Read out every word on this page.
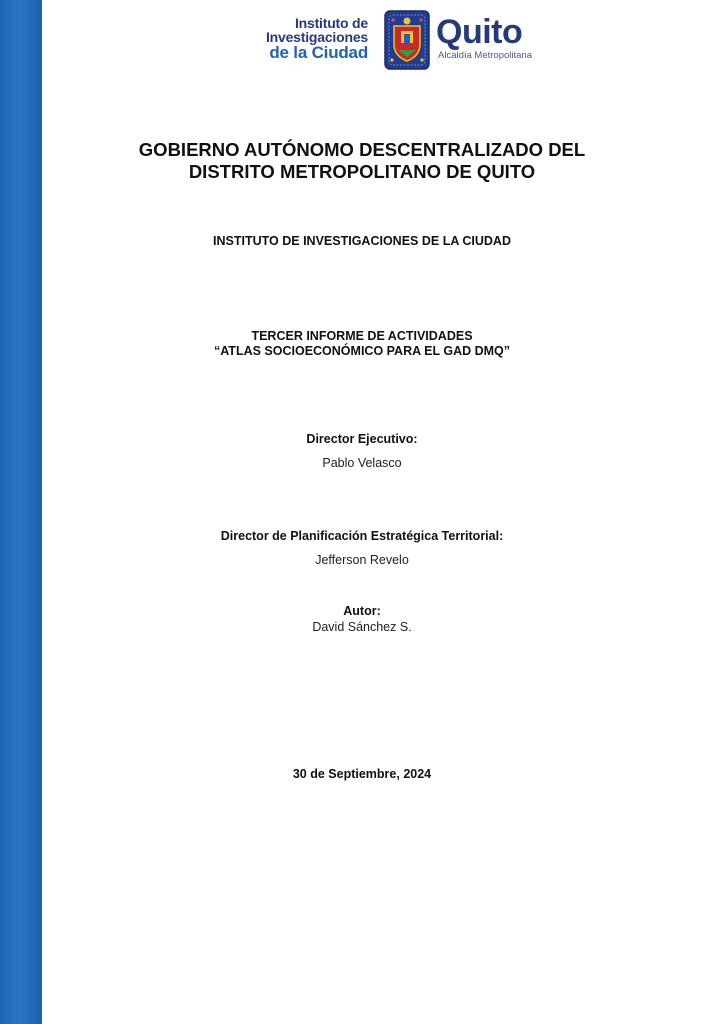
Instituto de
Investigaciones
de la Ciudad
Quito
Alcaldía Metropolitana
GOBIERNO AUTÓNOMO DESCENTRALIZADO DEL
DISTRITO METROPOLITANO DE QUITO
INSTITUTO DE INVESTIGACIONES DE LA CIUDAD
TERCER INFORME DE ACTIVIDADES
“ATLAS SOCIOECONÓMICO PARA EL GAD DMQ”
Director Ejecutivo:
Pablo Velasco
Director de Planificación Estratégica Territorial:
Jefferson Revelo
Autor:
David Sánchez S.
30 de Septiembre, 2024
